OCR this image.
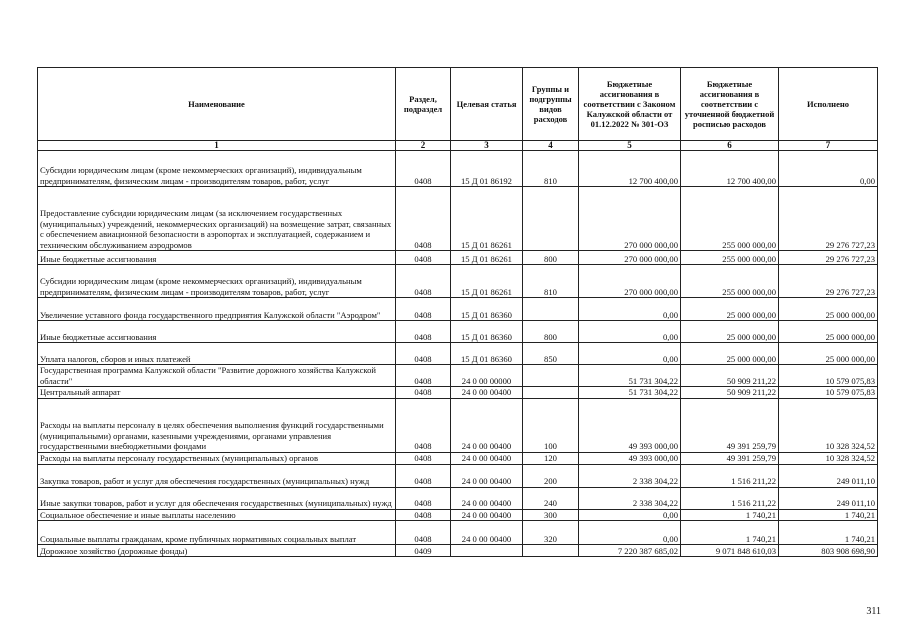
Наименование	Раздел, подраздел	Целевая статья	Группы и подгруппы видов расходов	Бюджетные ассигнования в соответствии с Законом Калужской области от 01.12.2022 № 301-ОЗ	Бюджетные ассигнования в соответствии с уточненной бюджетной росписью расходов	Исполнено
1	2	3	4	5	6	7
Субсидии юридическим лицам (кроме некоммерческих организаций), индивидуальным предпринимателям, физическим лицам - производителям товаров, работ, услуг	0408	15 Д 01 86192	810	12 700 400,00	12 700 400,00	0,00
Предоставление субсидии юридическим лицам (за исключением государственных (муниципальных) учреждений, некоммерческих организаций) на возмещение затрат, связанных с обеспечением авиационной безопасности в аэропортах и эксплуатацией, содержанием и техническим обслуживанием аэродромов	0408	15 Д 01 86261		270 000 000,00	255 000 000,00	29 276 727,23
Иные бюджетные ассигнования	0408	15 Д 01 86261	800	270 000 000,00	255 000 000,00	29 276 727,23
Субсидии юридическим лицам (кроме некоммерческих организаций), индивидуальным предпринимателям, физическим лицам - производителям товаров, работ, услуг	0408	15 Д 01 86261	810	270 000 000,00	255 000 000,00	29 276 727,23
Увеличение уставного фонда государственного предприятия Калужской области "Аэродром"	0408	15 Д 01 86360		0,00	25 000 000,00	25 000 000,00
Иные бюджетные ассигнования	0408	15 Д 01 86360	800	0,00	25 000 000,00	25 000 000,00
Уплата налогов, сборов и иных платежей	0408	15 Д 01 86360	850	0,00	25 000 000,00	25 000 000,00
Государственная программа Калужской области "Развитие дорожного хозяйства Калужской области"	0408	24 0 00 00000		51 731 304,22	50 909 211,22	10 579 075,83
Центральный аппарат	0408	24 0 00 00400		51 731 304,22	50 909 211,22	10 579 075,83
Расходы на выплаты персоналу в целях обеспечения выполнения функций государственными (муниципальными) органами, казенными учреждениями, органами управления государственными внебюджетными фондами	0408	24 0 00 00400	100	49 393 000,00	49 391 259,79	10 328 324,52
Расходы на выплаты персоналу государственных (муниципальных) органов	0408	24 0 00 00400	120	49 393 000,00	49 391 259,79	10 328 324,52
Закупка товаров, работ и услуг для обеспечения государственных (муниципальных) нужд	0408	24 0 00 00400	200	2 338 304,22	1 516 211,22	249 011,10
Иные закупки товаров, работ и услуг для обеспечения государственных (муниципальных) нужд	0408	24 0 00 00400	240	2 338 304,22	1 516 211,22	249 011,10
Социальное обеспечение и иные выплаты населению	0408	24 0 00 00400	300	0,00	1 740,21	1 740,21
Социальные выплаты гражданам, кроме публичных нормативных социальных выплат	0408	24 0 00 00400	320	0,00	1 740,21	1 740,21
Дорожное хозяйство (дорожные фонды)	0409			7 220 387 685,02	9 071 848 610,03	803 908 698,90
311
